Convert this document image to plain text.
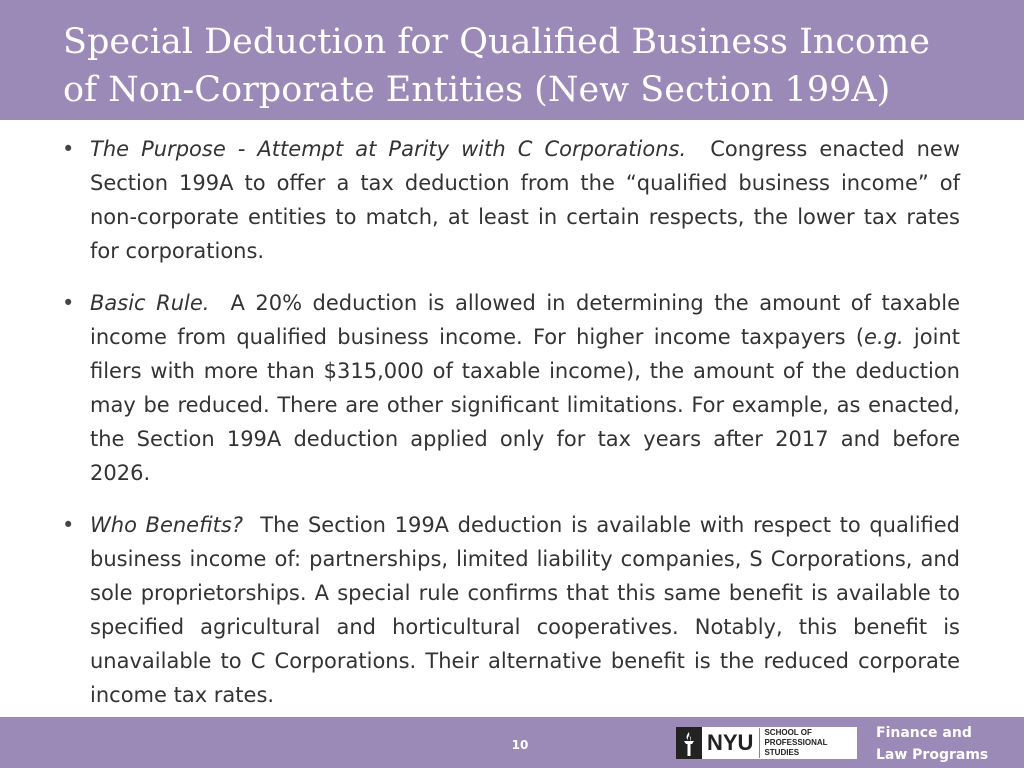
Special Deduction for Qualified Business Income
of Non-Corporate Entities (New Section 199A)
• The Purpose - Attempt at Parity with C Corporations. Congress enacted new Section 199A to offer a tax deduction from the “qualified business income” of non-corporate entities to match, at least in certain respects, the lower tax rates for corporations.
• Basic Rule. A 20% deduction is allowed in determining the amount of taxable income from qualified business income. For higher income taxpayers (e.g. joint filers with more than $315,000 of taxable income), the amount of the deduction may be reduced. There are other significant limitations. For example, as enacted, the Section 199A deduction applied only for tax years after 2017 and before 2026.
• Who Benefits? The Section 199A deduction is available with respect to qualified business income of: partnerships, limited liability companies, S Corporations, and sole proprietorships. A special rule confirms that this same benefit is available to specified agricultural and horticultural cooperatives. Notably, this benefit is unavailable to C Corporations. Their alternative benefit is the reduced corporate income tax rates.
10	NYU SCHOOL OF
PROFESSIONAL STUDIES
Finance and
Law Programs
